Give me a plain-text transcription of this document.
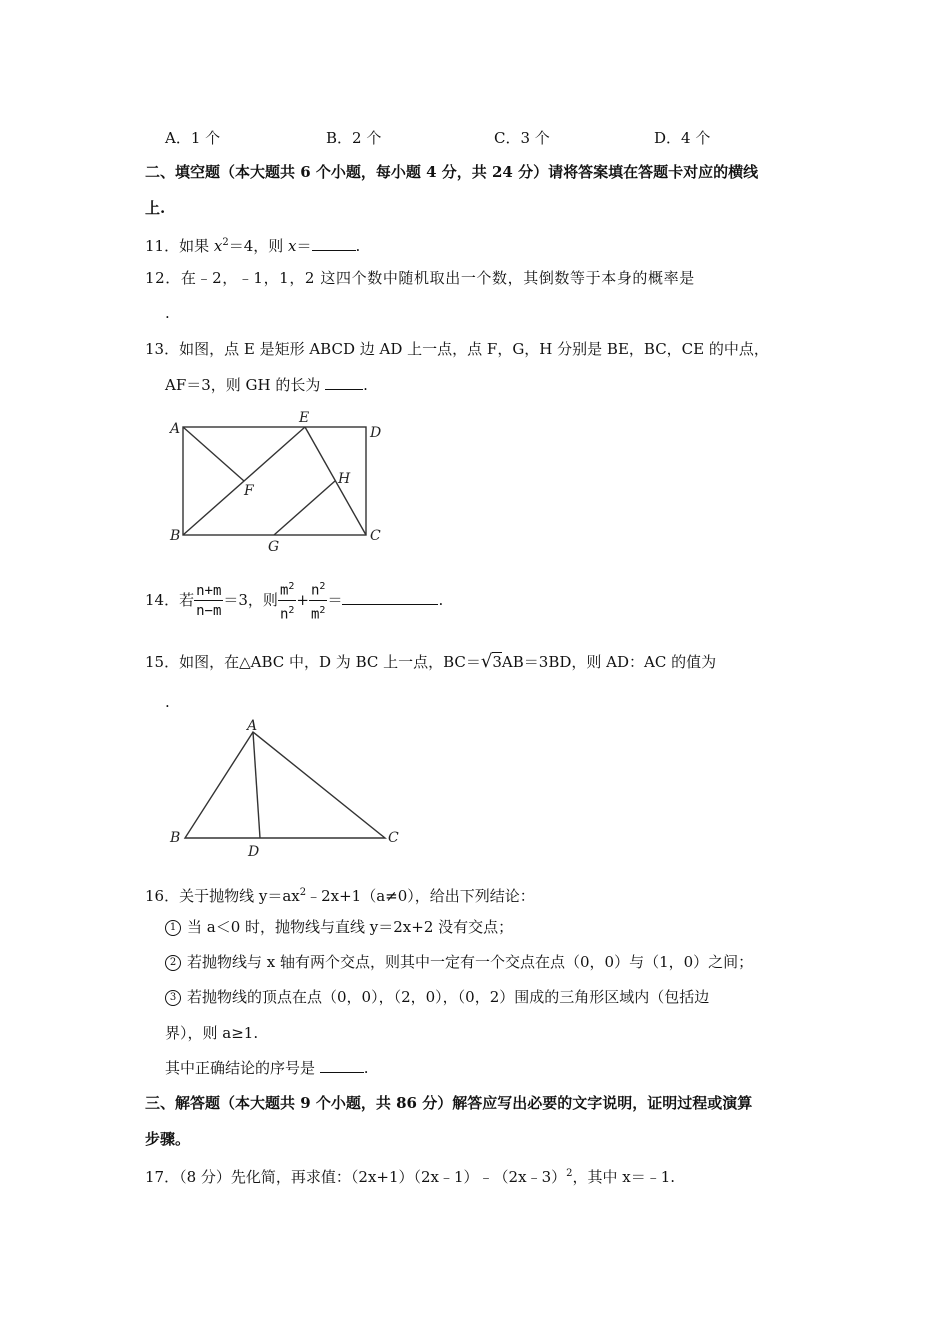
A．1 个	B．2 个	C．3 个	D．4 个
二、填空题（本大题共 6 个小题，每小题 4 分，共 24 分）请将答案填在答题卡对应的横线
上.
11．如果 $x^2=4$，则 x＝	.
12．在﹣2，﹣1，1，2 这四个数中随机取出一个数，其倒数等于本身的概率是
.
13．如图，点 E 是矩形 ABCD 边 AD 上一点，点 F，G，H 分别是 BE，BC，CE 的中点，
AF＝3，则 GH 的长为	.
A
B	C
D
E
F
G
H
14．若 $\frac{n+m}{n-m} =3$，则 $\frac{m^2}{n^2} + \frac{n^2}{m^2}$ ＝	.
15．如图，在△ABC 中，D 为 BC 上一点，BC＝√3AB＝3BD，则 AD：AC 的值为
.
A
B	C
D
16．关于抛物线 $y=ax^2﹣2x+1(a\ne 0)$，给出下列结论：
1 当 a＜0 时，抛物线与直线 y＝2x+2 没有交点；
2 若抛物线与 x 轴有两个交点，则其中一定有一个交点在点（0，0）与（1，0）之间；
3 若抛物线的顶点在点（0，0），（2，0），（0，2）围成的三角形区域内（包括边
界），则 a≥1.
其中正确结论的序号是	.
三、解答题（本大题共 9 个小题，共 86 分）解答应写出必要的文字说明，证明过程或演算
步骤。
17．（8 分）先化简，再求值：（2x+1）（2x﹣1）﹣（2x﹣3）$^2$，其中 x＝﹣1.
